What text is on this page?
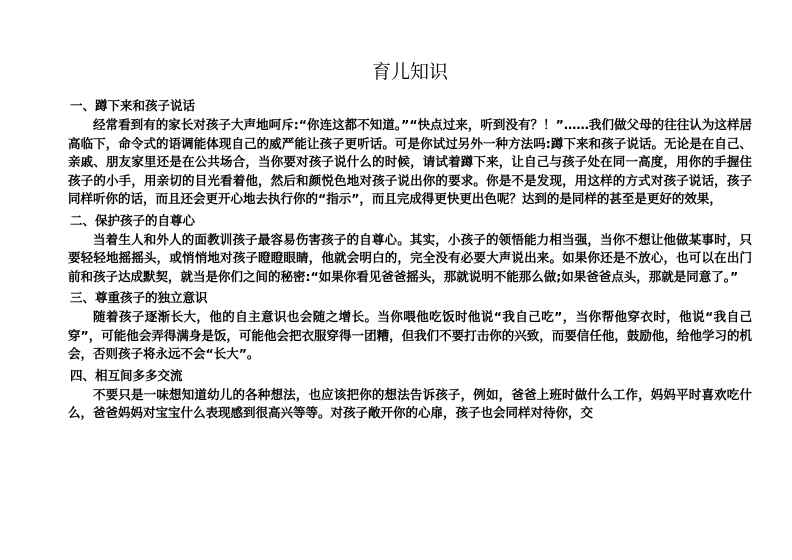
育儿知识
一、蹲下来和孩子说话

经常看到有的家长对孩子大声地呵斥:“你连这都不知道。”“快点过来，听到没有？！”……我们做父母的往往认为这样居高临下，命令式的语调能体现自己的威严能让孩子更听话。可是你试过另外一种方法吗:蹲下来和孩子说话。无论是在自己、亲戚、朋友家里还是在公共场合，当你要对孩子说什么的时候，请试着蹲下来，让自己与孩子处在同一高度，用你的手握住孩子的小手，用亲切的目光看着他，然后和颜悦色地对孩子说出你的要求。你是不是发现，用这样的方式对孩子说话，孩子同样听你的话，而且还会更开心地去执行你的“指示”，而且完成得更快更出色呢？达到的是同样的甚至是更好的效果，

二、保护孩子的自尊心

当着生人和外人的面教训孩子最容易伤害孩子的自尊心。其实，小孩子的领悟能力相当强，当你不想让他做某事时，只要轻轻地摇摇头，或悄悄地对孩子瞪瞪眼睛，他就会明白的，完全没有必要大声说出来。如果你还是不放心，也可以在出门前和孩子达成默契，就当是你们之间的秘密:“如果你看见爸爸摇头，那就说明不能那么做;如果爸爸点头，那就是同意了。”

三、尊重孩子的独立意识

随着孩子逐渐长大，他的自主意识也会随之增长。当你喂他吃饭时他说“我自己吃”，当你帮他穿衣时，他说“我自己穿”，可能他会弄得满身是饭，可能他会把衣服穿得一团糟，但我们不要打击你的兴致，而要信任他，鼓励他，给他学习的机会，否则孩子将永远不会“长大”。

四、相互间多多交流

不要只是一味想知道幼儿的各种想法，也应该把你的想法告诉孩子，例如，爸爸上班时做什么工作，妈妈平时喜欢吃什么，爸爸妈妈对宝宝什么表现感到很高兴等等。对孩子敞开你的心扉，孩子也会同样对待你，交
